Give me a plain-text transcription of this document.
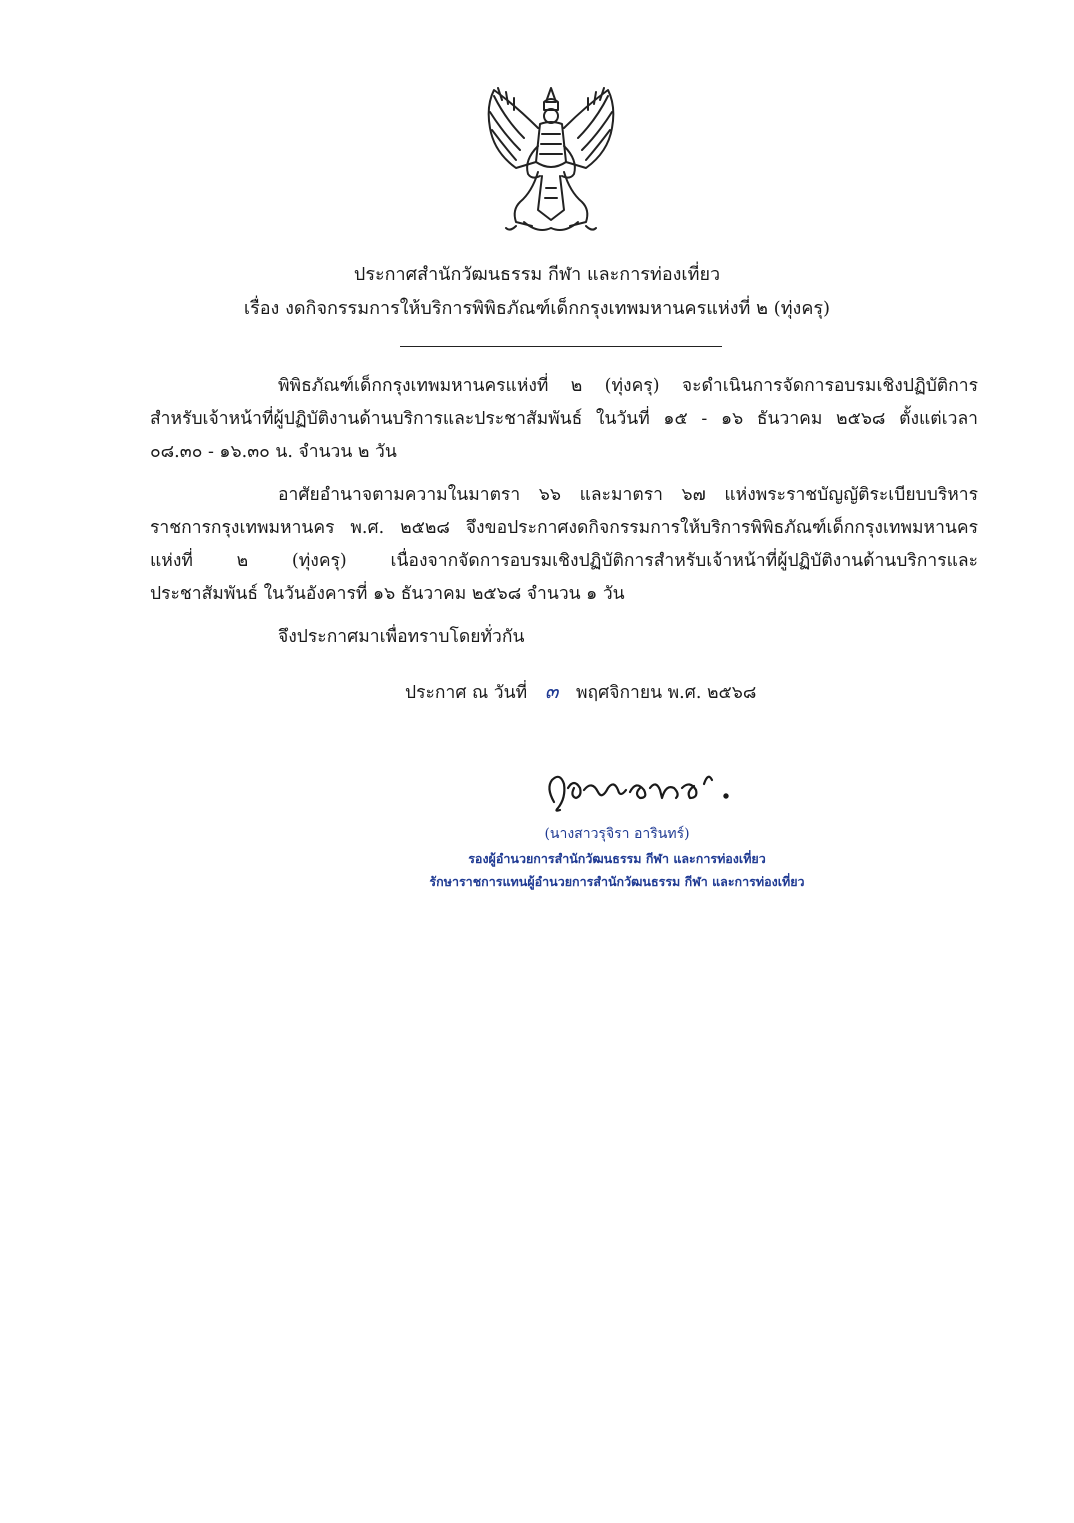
ประกาศสำนักวัฒนธรรม กีฬา และการท่องเที่ยว
เรื่อง งดกิจกรรมการให้บริการพิพิธภัณฑ์เด็กกรุงเทพมหานครแห่งที่ ๒ (ทุ่งครุ)
พิพิธภัณฑ์เด็กกรุงเทพมหานครแห่งที่ ๒ (ทุ่งครุ) จะดำเนินการจัดการอบรมเชิงปฏิบัติการ
สำหรับเจ้าหน้าที่ผู้ปฏิบัติงานด้านบริการและประชาสัมพันธ์ ในวันที่ ๑๕ - ๑๖ ธันวาคม ๒๕๖๘ ตั้งแต่เวลา
๐๘.๓๐ - ๑๖.๓๐ น. จำนวน ๒ วัน
อาศัยอำนาจตามความในมาตรา ๖๖ และมาตรา ๖๗ แห่งพระราชบัญญัติระเบียบบริหาร
ราชการกรุงเทพมหานคร พ.ศ. ๒๕๒๘ จึงขอประกาศงดกิจกรรมการให้บริการพิพิธภัณฑ์เด็กกรุงเทพมหานคร
แห่งที่ ๒ (ทุ่งครุ) เนื่องจากจัดการอบรมเชิงปฏิบัติการสำหรับเจ้าหน้าที่ผู้ปฏิบัติงานด้านบริการและ
ประชาสัมพันธ์ ในวันอังคารที่ ๑๖ ธันวาคม ๒๕๖๘ จำนวน ๑ วัน
จึงประกาศมาเพื่อทราบโดยทั่วกัน
ประกาศ ณ วันที่ ๓ พฤศจิกายน พ.ศ. ๒๕๖๘
(นางสาวรุจิรา อารินทร์)
รองผู้อำนวยการสำนักวัฒนธรรม กีฬา และการท่องเที่ยว
รักษาราชการแทนผู้อำนวยการสำนักวัฒนธรรม กีฬา และการท่องเที่ยว
